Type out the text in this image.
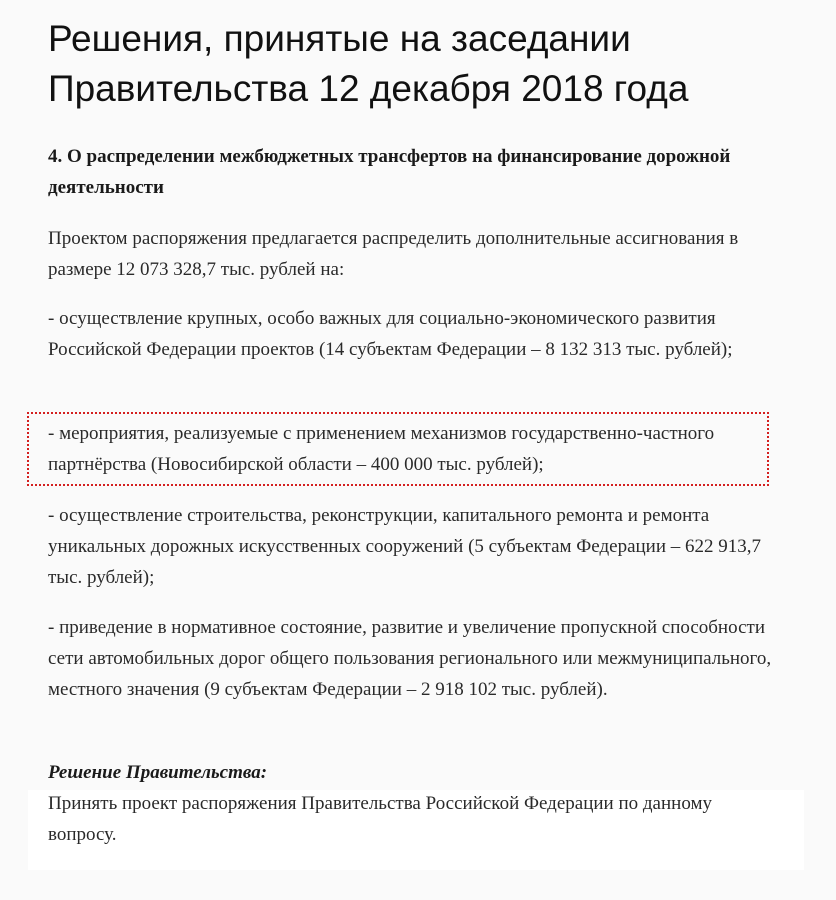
Решения, принятые на заседании Правительства 12 декабря 2018 года
4. О распределении межбюджетных трансфертов на финансирование дорожной деятельности

Проектом распоряжения предлагается распределить дополнительные ассигнования в размере 12 073 328,7 тыс. рублей на:

- осуществление крупных, особо важных для социально-экономического развития Российской Федерации проектов (14 субъектам Федерации – 8 132 313 тыс. рублей);

- мероприятия, реализуемые с применением механизмов государственно-частного партнёрства (Новосибирской области – 400 000 тыс. рублей);

- осуществление строительства, реконструкции, капитального ремонта и ремонта уникальных дорожных искусственных сооружений (5 субъектам Федерации – 622 913,7 тыс. рублей);

- приведение в нормативное состояние, развитие и увеличение пропускной способности сети автомобильных дорог общего пользования регионального или межмуниципального, местного значения (9 субъектам Федерации – 2 918 102 тыс. рублей).

Решение Правительства:

Принять проект распоряжения Правительства Российской Федерации по данному вопросу.
